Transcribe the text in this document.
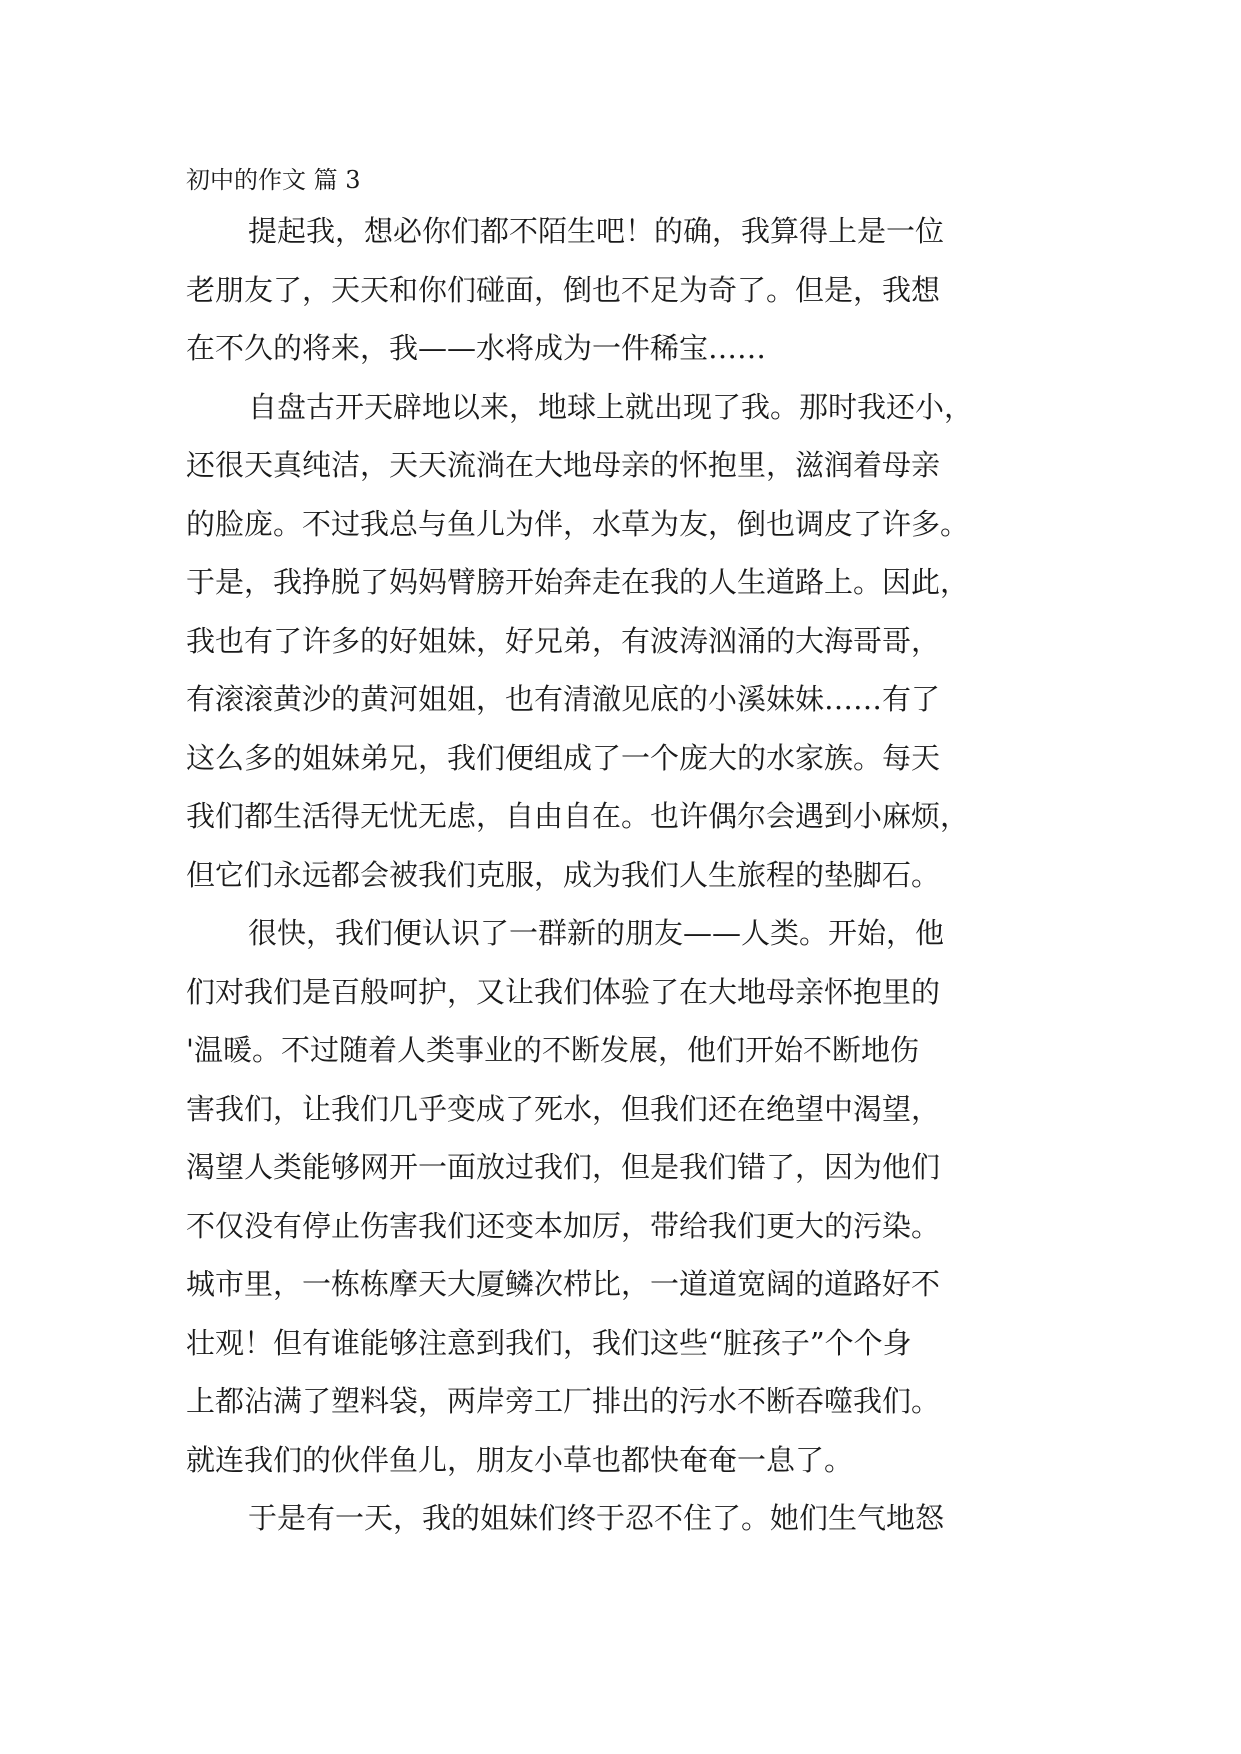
初中的作文 篇 3
提起我，想必你们都不陌生吧！的确，我算得上是一位
老朋友了，天天和你们碰面，倒也不足为奇了。但是，我想
在不久的将来，我——水将成为一件稀宝……
自盘古开天辟地以来，地球上就出现了我。那时我还小，
还很天真纯洁，天天流淌在大地母亲的怀抱里，滋润着母亲
的脸庞。不过我总与鱼儿为伴，水草为友，倒也调皮了许多。
于是，我挣脱了妈妈臂膀开始奔走在我的人生道路上。因此，
我也有了许多的好姐妹，好兄弟，有波涛汹涌的大海哥哥，
有滚滚黄沙的黄河姐姐，也有清澈见底的小溪妹妹……有了
这么多的姐妹弟兄，我们便组成了一个庞大的水家族。每天
我们都生活得无忧无虑，自由自在。也许偶尔会遇到小麻烦，
但它们永远都会被我们克服，成为我们人生旅程的垫脚石。
很快，我们便认识了一群新的朋友——人类。开始，他
们对我们是百般呵护，又让我们体验了在大地母亲怀抱里的
'温暖。不过随着人类事业的不断发展，他们开始不断地伤
害我们，让我们几乎变成了死水，但我们还在绝望中渴望，
渴望人类能够网开一面放过我们，但是我们错了，因为他们
不仅没有停止伤害我们还变本加厉，带给我们更大的污染。
城市里，一栋栋摩天大厦鳞次栉比，一道道宽阔的道路好不
壮观！但有谁能够注意到我们，我们这些“脏孩子”个个身
上都沾满了塑料袋，两岸旁工厂排出的污水不断吞噬我们。
就连我们的伙伴鱼儿，朋友小草也都快奄奄一息了。
于是有一天，我的姐妹们终于忍不住了。她们生气地怒
